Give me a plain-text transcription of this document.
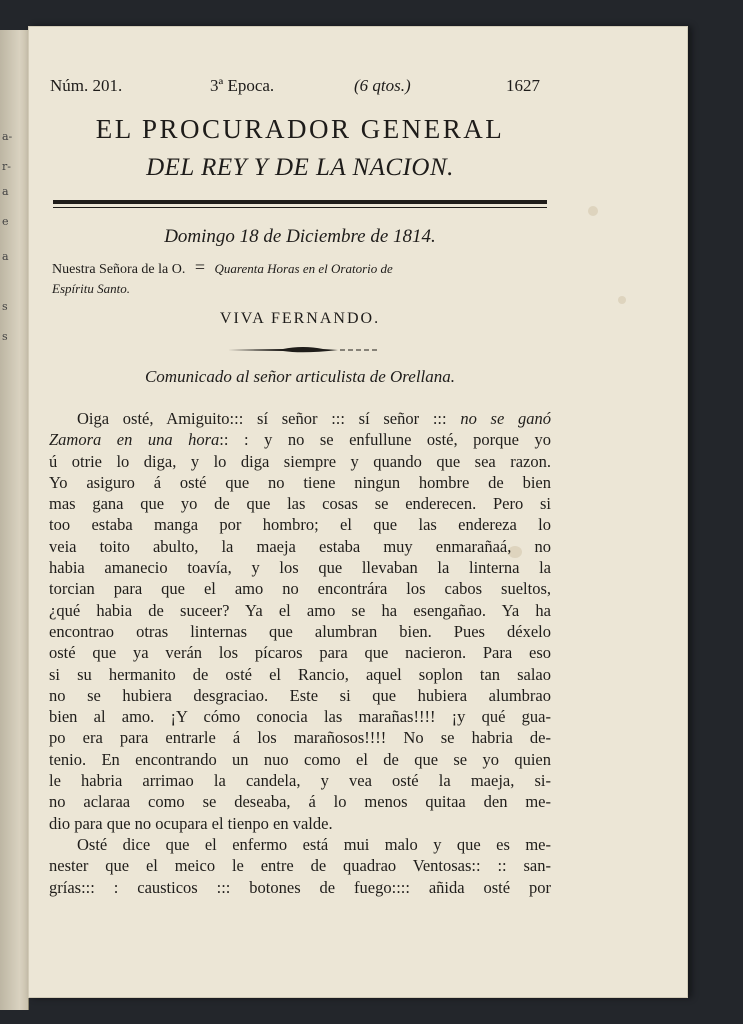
a-
r-
a
e
a
s
s
Núm. 201.	3ª Epoca.	(6 qtos.)	1627
EL PROCURADOR GENERAL
DEL REY Y DE LA NACION.
Domingo 18 de Diciembre de 1814.
Nuestra Señora de la O. = Quarenta Horas en el Oratorio de
Espíritu Santo.
VIVA FERNANDO.
Comunicado al señor articulista de Orellana.
Oiga osté, Amiguito::: sí señor ::: sí señor ::: no se ganó
Zamora en una hora:: : y no se enfullune osté, porque yo
ú otrie lo diga, y lo diga siempre y quando que sea razon.
Yo asiguro á osté que no tiene ningun hombre de bien
mas gana que yo de que las cosas se enderecen. Pero si
too estaba manga por hombro; el que las endereza lo
veia toito abulto, la maeja estaba muy enmarañaá, no
habia amanecio toavía, y los que llevaban la linterna la
torcian para que el amo no encontrára los cabos sueltos,
¿qué habia de suceer? Ya el amo se ha esengañao. Ya ha
encontrao otras linternas que alumbran bien. Pues déxelo
osté que ya verán los pícaros para que nacieron. Para eso
si su hermanito de osté el Rancio, aquel soplon tan salao
no se hubiera desgraciao. Este si que hubiera alumbrao
bien al amo. ¡Y cómo conocia las marañas!!!! ¡y qué gua-
po era para entrarle á los marañosos!!!! No se habria de-
tenio. En encontrando un nuo como el de que se yo quien
le habria arrimao la candela, y vea osté la maeja, si-
no aclaraa como se deseaba, á lo menos quitaa den me-
dio para que no ocupara el tienpo en valde.
Osté dice que el enfermo está mui malo y que es me-
nester que el meico le entre de quadrao Ventosas:: :: san-
grías::: : causticos ::: botones de fuego:::: añida osté por
